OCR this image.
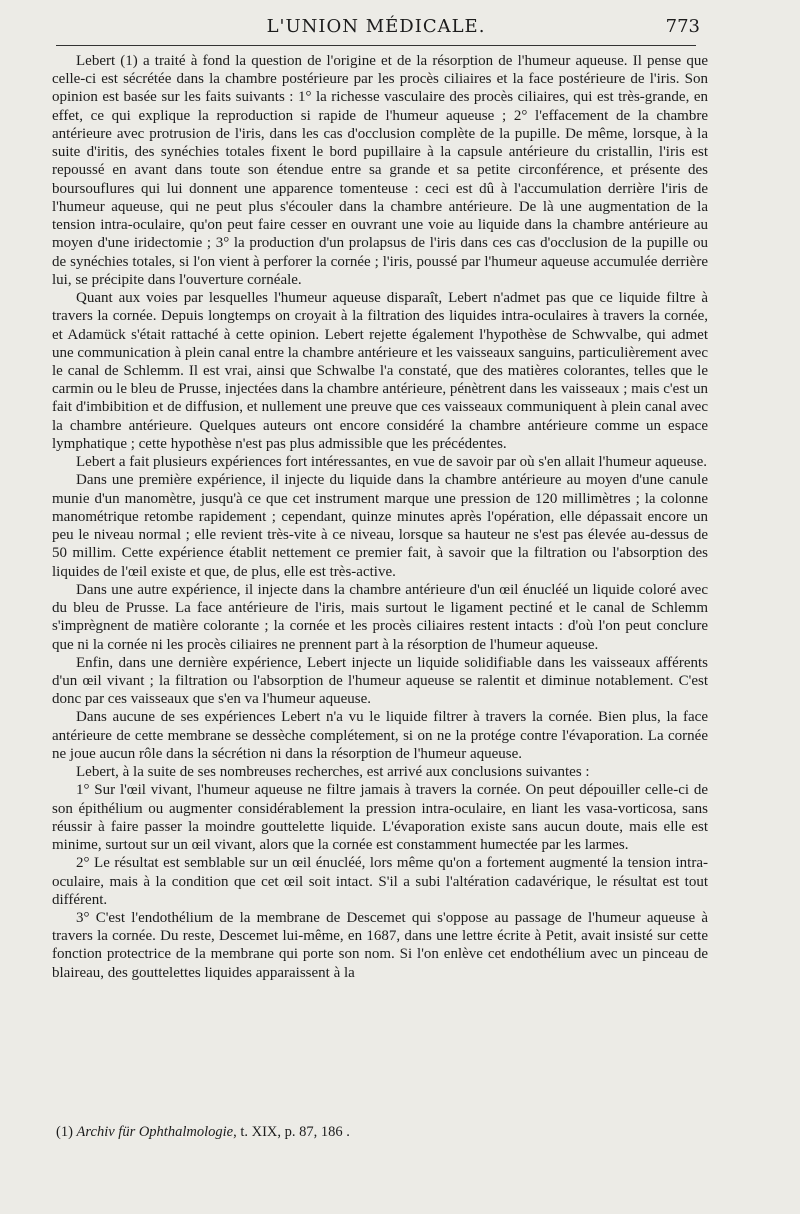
L'UNION MÉDICALE.	773

Lebert (1) a traité à fond la question de l'origine et de la résorption de l'humeur aqueuse. Il pense que celle-ci est sécrétée dans la chambre postérieure par les procès ciliaires et la face postérieure de l'iris. Son opinion est basée sur les faits suivants : 1° la richesse vasculaire des procès ciliaires, qui est très-grande, en effet, ce qui explique la reproduction si rapide de l'humeur aqueuse ; 2° l'effacement de la chambre antérieure avec protrusion de l'iris, dans les cas d'occlusion complète de la pupille. De même, lorsque, à la suite d'iritis, des synéchies totales fixent le bord pupillaire à la capsule antérieure du cristallin, l'iris est repoussé en avant dans toute son étendue entre sa grande et sa petite circonférence, et présente des boursouflures qui lui donnent une apparence tomenteuse : ceci est dû à l'accumulation derrière l'iris de l'humeur aqueuse, qui ne peut plus s'écouler dans la chambre antérieure. De là une augmentation de la tension intra-oculaire, qu'on peut faire cesser en ouvrant une voie au liquide dans la chambre antérieure au moyen d'une iridectomie ; 3° la production d'un prolapsus de l'iris dans ces cas d'occlusion de la pupille ou de synéchies totales, si l'on vient à perforer la cornée ; l'iris, poussé par l'humeur aqueuse accumulée derrière lui, se précipite dans l'ouverture cornéale.

Quant aux voies par lesquelles l'humeur aqueuse disparaît, Lebert n'admet pas que ce liquide filtre à travers la cornée. Depuis longtemps on croyait à la filtration des liquides intra-oculaires à travers la cornée, et Adamück s'était rattaché à cette opinion. Lebert rejette également l'hypothèse de Schwvalbe, qui admet une communication à plein canal entre la chambre antérieure et les vaisseaux sanguins, particulièrement avec le canal de Schlemm. Il est vrai, ainsi que Schwalbe l'a constaté, que des matières colorantes, telles que le carmin ou le bleu de Prusse, injectées dans la chambre antérieure, pénètrent dans les vaisseaux ; mais c'est un fait d'imbibition et de diffusion, et nullement une preuve que ces vaisseaux communiquent à plein canal avec la chambre antérieure. Quelques auteurs ont encore considéré la chambre antérieure comme un espace lymphatique ; cette hypothèse n'est pas plus admissible que les précédentes.

Lebert a fait plusieurs expériences fort intéressantes, en vue de savoir par où s'en allait l'humeur aqueuse.

Dans une première expérience, il injecte du liquide dans la chambre antérieure au moyen d'une canule munie d'un manomètre, jusqu'à ce que cet instrument marque une pression de 120 millimètres ; la colonne manométrique retombe rapidement ; cependant, quinze minutes après l'opération, elle dépassait encore un peu le niveau normal ; elle revient très-vite à ce niveau, lorsque sa hauteur ne s'est pas élevée au-dessus de 50 millim. Cette expérience établit nettement ce premier fait, à savoir que la filtration ou l'absorption des liquides de l'œil existe et que, de plus, elle est très-active.

Dans une autre expérience, il injecte dans la chambre antérieure d'un œil énucléé un liquide coloré avec du bleu de Prusse. La face antérieure de l'iris, mais surtout le ligament pectiné et le canal de Schlemm s'imprègnent de matière colorante ; la cornée et les procès ciliaires restent intacts : d'où l'on peut conclure que ni la cornée ni les procès ciliaires ne prennent part à la résorption de l'humeur aqueuse.

Enfin, dans une dernière expérience, Lebert injecte un liquide solidifiable dans les vaisseaux afférents d'un œil vivant ; la filtration ou l'absorption de l'humeur aqueuse se ralentit et diminue notablement. C'est donc par ces vaisseaux que s'en va l'humeur aqueuse.

Dans aucune de ses expériences Lebert n'a vu le liquide filtrer à travers la cornée. Bien plus, la face antérieure de cette membrane se dessèche complétement, si on ne la protége contre l'évaporation. La cornée ne joue aucun rôle dans la sécrétion ni dans la résorption de l'humeur aqueuse.

Lebert, à la suite de ses nombreuses recherches, est arrivé aux conclusions suivantes :

1° Sur l'œil vivant, l'humeur aqueuse ne filtre jamais à travers la cornée. On peut dépouiller celle-ci de son épithélium ou augmenter considérablement la pression intra-oculaire, en liant les vasa-vorticosa, sans réussir à faire passer la moindre gouttelette liquide. L'évaporation existe sans aucun doute, mais elle est minime, surtout sur un œil vivant, alors que la cornée est constamment humectée par les larmes.

2° Le résultat est semblable sur un œil énucléé, lors même qu'on a fortement augmenté la tension intra-oculaire, mais à la condition que cet œil soit intact. S'il a subi l'altération cadavérique, le résultat est tout différent.

3° C'est l'endothélium de la membrane de Descemet qui s'oppose au passage de l'humeur aqueuse à travers la cornée. Du reste, Descemet lui-même, en 1687, dans une lettre écrite à Petit, avait insisté sur cette fonction protectrice de la membrane qui porte son nom. Si l'on enlève cet endothélium avec un pinceau de blaireau, des gouttelettes liquides apparaissent à la

(1) Archiv für Ophthalmologie, t. XIX, p. 87, 186 .
